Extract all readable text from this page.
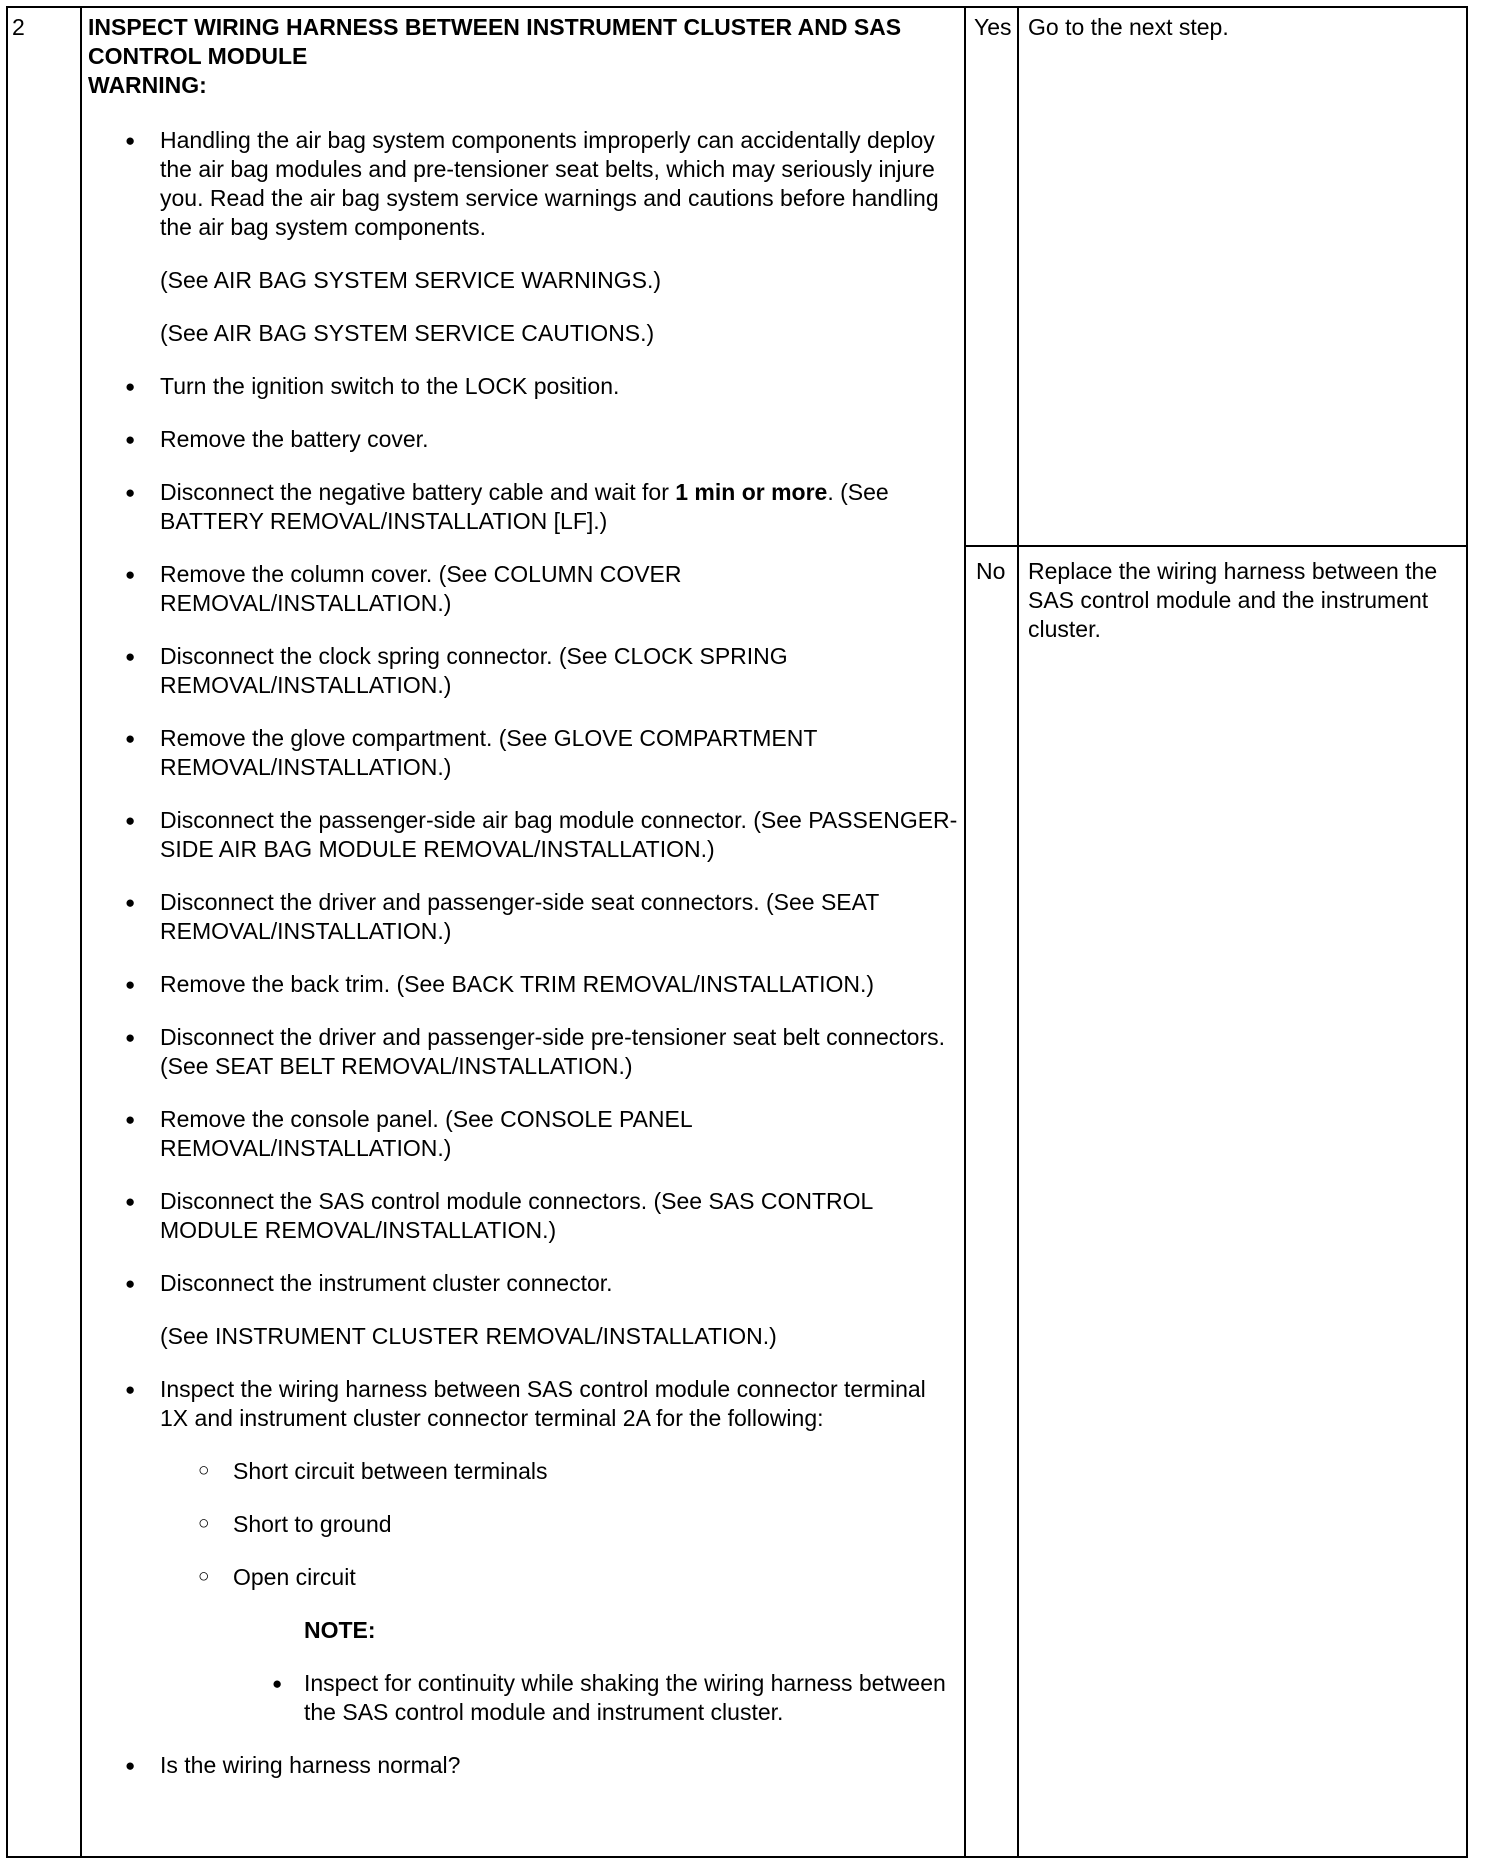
2	INSPECT WIRING HARNESS BETWEEN INSTRUMENT CLUSTER AND SAS CONTROL MODULE
WARNING:
● Handling the air bag system components improperly can accidentally deploy the air bag modules and pre-tensioner seat belts, which may seriously injure you. Read the air bag system service warnings and cautions before handling the air bag system components.
(See AIR BAG SYSTEM SERVICE WARNINGS.)
(See AIR BAG SYSTEM SERVICE CAUTIONS.)
● Turn the ignition switch to the LOCK position.
● Remove the battery cover.
● Disconnect the negative battery cable and wait for 1 min or more. (See BATTERY REMOVAL/INSTALLATION [LF].)
● Remove the column cover. (See COLUMN COVER REMOVAL/INSTALLATION.)
● Disconnect the clock spring connector. (See CLOCK SPRING REMOVAL/INSTALLATION.)
● Remove the glove compartment. (See GLOVE COMPARTMENT REMOVAL/INSTALLATION.)
● Disconnect the passenger-side air bag module connector. (See PASSENGER-SIDE AIR BAG MODULE REMOVAL/INSTALLATION.)
● Disconnect the driver and passenger-side seat connectors. (See SEAT REMOVAL/INSTALLATION.)
● Remove the back trim. (See BACK TRIM REMOVAL/INSTALLATION.)
● Disconnect the driver and passenger-side pre-tensioner seat belt connectors. (See SEAT BELT REMOVAL/INSTALLATION.)
● Remove the console panel. (See CONSOLE PANEL REMOVAL/INSTALLATION.)
● Disconnect the SAS control module connectors. (See SAS CONTROL MODULE REMOVAL/INSTALLATION.)
● Disconnect the instrument cluster connector.
(See INSTRUMENT CLUSTER REMOVAL/INSTALLATION.)
● Inspect the wiring harness between SAS control module connector terminal 1X and instrument cluster connector terminal 2A for the following:
○ Short circuit between terminals
○ Short to ground
○ Open circuit
NOTE:
● Inspect for continuity while shaking the wiring harness between the SAS control module and instrument cluster.
● Is the wiring harness normal?
Yes Go to the next step.
No Replace the wiring harness between the SAS control module and the instrument cluster.
